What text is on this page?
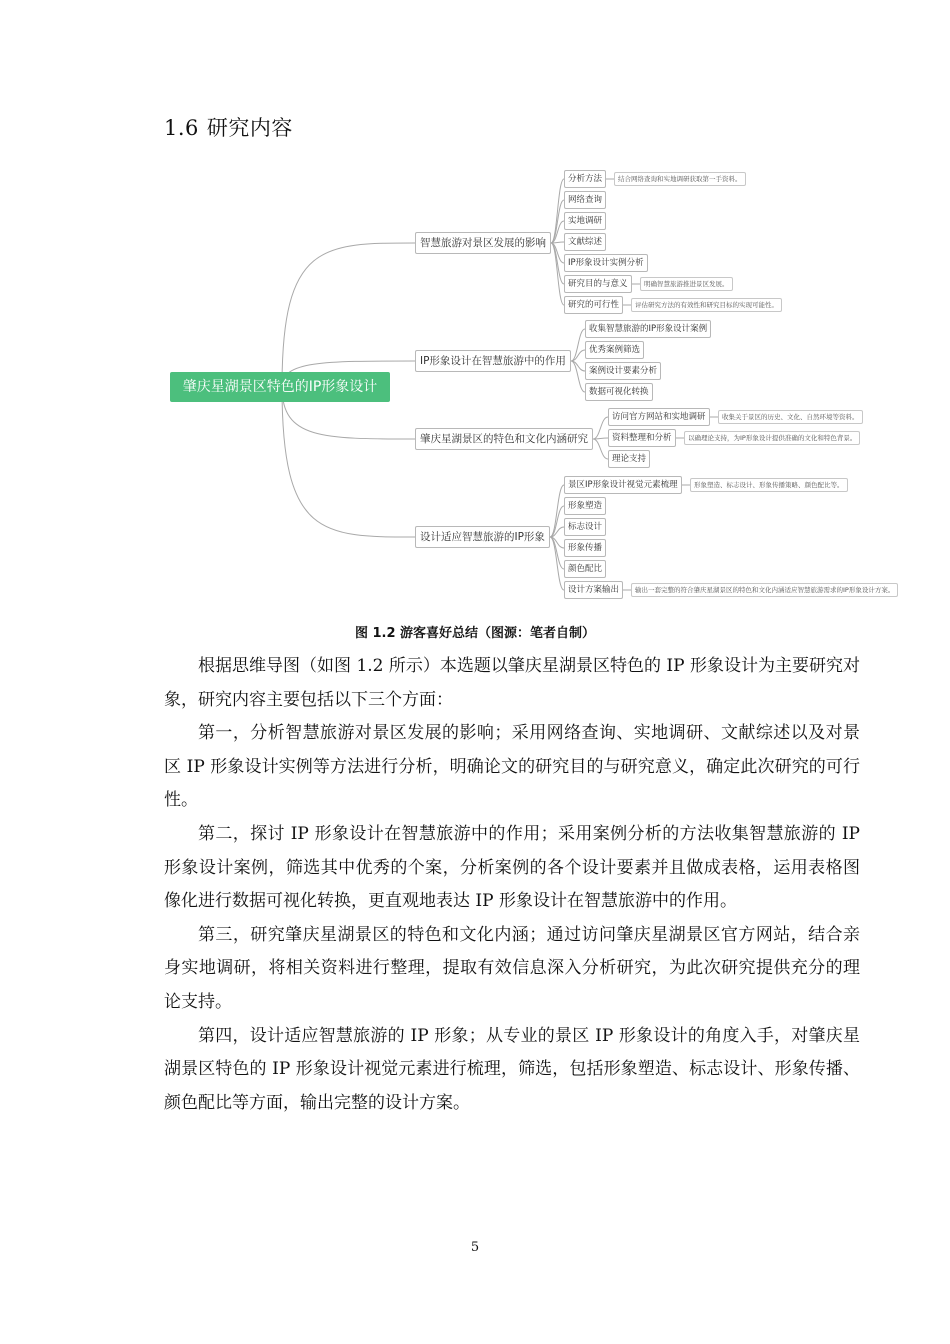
1.6 研究内容
肇庆星湖景区特色的IP形象设计
智慧旅游对景区发展的影响
分析方法	结合网络查询和实地调研获取第一手资料。
网络查询
实地调研
文献综述
IP形象设计实例分析
研究目的与意义	明确智慧旅游推进景区发展。
研究的可行性	评估研究方法的有效性和研究目标的实现可能性。
IP形象设计在智慧旅游中的作用
收集智慧旅游的IP形象设计案例
优秀案例筛选
案例设计要素分析
数据可视化转换
肇庆星湖景区的特色和文化内涵研究
访问官方网站和实地调研	收集关于景区的历史、文化、自然环境等资料。
资料整理和分析	以确理论支持，为IP形象设计提供准确的文化和特色背景。
理论支持
设计适应智慧旅游的IP形象
景区IP形象设计视觉元素梳理	形象塑造、标志设计、形象传播策略、颜色配比等。
形象塑造
标志设计
形象传播
颜色配比
设计方案输出	输出一套完整的符合肇庆星湖景区的特色和文化内涵适应智慧旅游需求的IP形象设计方案。
图 1.2 游客喜好总结（图源：笔者自制）

根据思维导图（如图 1.2 所示）本选题以肇庆星湖景区特色的 IP 形象设计为主要研究对象，研究内容主要包括以下三个方面：

第一，分析智慧旅游对景区发展的影响；采用网络查询、实地调研、文献综述以及对景区 IP 形象设计实例等方法进行分析，明确论文的研究目的与研究意义，确定此次研究的可行性。

第二，探讨 IP 形象设计在智慧旅游中的作用；采用案例分析的方法收集智慧旅游的 IP 形象设计案例，筛选其中优秀的个案，分析案例的各个设计要素并且做成表格，运用表格图像化进行数据可视化转换，更直观地表达 IP 形象设计在智慧旅游中的作用。

第三，研究肇庆星湖景区的特色和文化内涵；通过访问肇庆星湖景区官方网站，结合亲身实地调研，将相关资料进行整理，提取有效信息深入分析研究，为此次研究提供充分的理论支持。

第四，设计适应智慧旅游的 IP 形象；从专业的景区 IP 形象设计的角度入手，对肇庆星湖景区特色的 IP 形象设计视觉元素进行梳理，筛选，包括形象塑造、标志设计、形象传播、颜色配比等方面，输出完整的设计方案。

5
